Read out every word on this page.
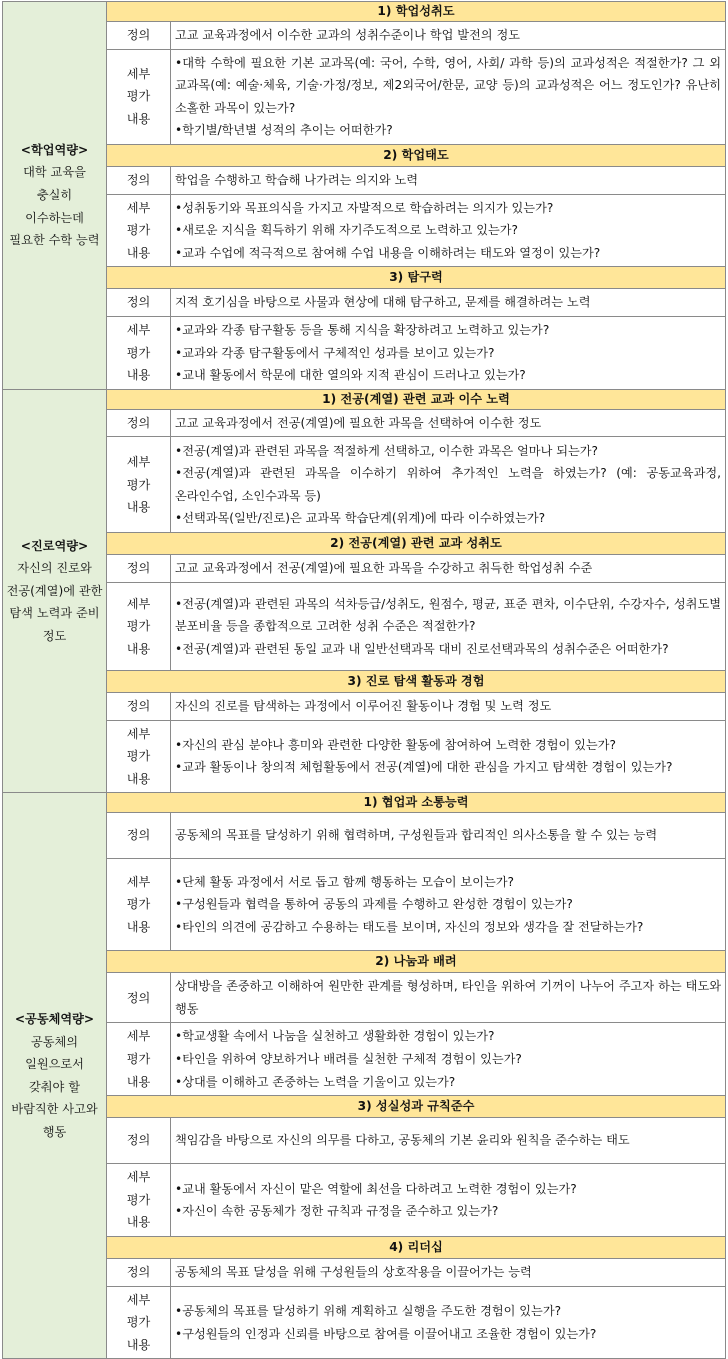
<학업역량>
대학 교육을 충실히 이수하는데 필요한 수학 능력	1) 학업성취도	
	정의	고교 교육과정에서 이수한 교과의 성취수준이나 학업 발전의 정도

	세부
평가
내용	•대학 수학에 필요한 기본 교과목(예: 국어, 수학, 영어, 사회/ 과학 등)의 교과성적은 적절한가? 그 외 교과목(예: 예술·체육, 기술·가정/정보, 제2외국어/한문, 교양 등)의 교과성적은 어느 정도인가? 유난히 소홀한 과목이 있는가?
•학기별/학년별 성적의 추이는 어떠한가?

	2) 학업태도	
	정의	학업을 수행하고 학습해 나가려는 의지와 노력

	세부
평가
내용	•성취동기와 목표의식을 가지고 자발적으로 학습하려는 의지가 있는가?
•새로운 지식을 획득하기 위해 자기주도적으로 노력하고 있는가?
•교과 수업에 적극적으로 참여해 수업 내용을 이해하려는 태도와 열정이 있는가?

	3) 탐구력	
	정의	지적 호기심을 바탕으로 사물과 현상에 대해 탐구하고, 문제를 해결하려는 노력

	세부
평가
내용	•교과와 각종 탐구활동 등을 통해 지식을 확장하려고 노력하고 있는가?
•교과와 각종 탐구활동에서 구체적인 성과를 보이고 있는가?
•교내 활동에서 학문에 대한 열의와 지적 관심이 드러나고 있는가?

<진로역량>
자신의 진로와 전공(계열)에 관한 탐색 노력과 준비 정도	1) 전공(계열) 관련 교과 이수 노력	
	정의	고교 교육과정에서 전공(계열)에 필요한 과목을 선택하여 이수한 정도

	세부
평가
내용	•전공(계열)과 관련된 과목을 적절하게 선택하고, 이수한 과목은 얼마나 되는가?
•전공(계열)과 관련된 과목을 이수하기 위하여 추가적인 노력을 하였는가? (예: 공동교육과정, 온라인수업, 소인수과목 등)
•선택과목(일반/진로)은 교과목 학습단계(위계)에 따라 이수하였는가?

	2) 전공(계열) 관련 교과 성취도	
	정의	고교 교육과정에서 전공(계열)에 필요한 과목을 수강하고 취득한 학업성취 수준

	세부
평가
내용	•전공(계열)과 관련된 과목의 석차등급/성취도, 원점수, 평균, 표준 편차, 이수단위, 수강자수, 성취도별 분포비율 등을 종합적으로 고려한 성취 수준은 적절한가?
•전공(계열)과 관련된 동일 교과 내 일반선택과목 대비 진로선택과목의 성취수준은 어떠한가?

	3) 진로 탐색 활동과 경험	
	정의	자신의 진로를 탐색하는 과정에서 이루어진 활동이나 경험 및 노력 정도

	세부
평가
내용	•자신의 관심 분야나 흥미와 관련한 다양한 활동에 참여하여 노력한 경험이 있는가?
•교과 활동이나 창의적 체험활동에서 전공(계열)에 대한 관심을 가지고 탐색한 경험이 있는가?

<공동체역량>
공동체의 일원으로서 갖춰야 할 바람직한 사고와 행동	1) 협업과 소통능력	
	정의	공동체의 목표를 달성하기 위해 협력하며, 구성원들과 합리적인 의사소통을 할 수 있는 능력

	세부
평가
내용	•단체 활동 과정에서 서로 돕고 함께 행동하는 모습이 보이는가?
•구성원들과 협력을 통하여 공동의 과제를 수행하고 완성한 경험이 있는가?
•타인의 의견에 공감하고 수용하는 태도를 보이며, 자신의 정보와 생각을 잘 전달하는가?

	2) 나눔과 배려	
	정의	상대방을 존중하고 이해하여 원만한 관계를 형성하며, 타인을 위하여 기꺼이 나누어 주고자 하는 태도와 행동

	세부
평가
내용	•학교생활 속에서 나눔을 실천하고 생활화한 경험이 있는가?
•타인을 위하여 양보하거나 배려를 실천한 구체적 경험이 있는가?
•상대를 이해하고 존중하는 노력을 기울이고 있는가?

	3) 성실성과 규칙준수	
	정의	책임감을 바탕으로 자신의 의무를 다하고, 공동체의 기본 윤리와 원칙을 준수하는 태도

	세부
평가
내용	•교내 활동에서 자신이 맡은 역할에 최선을 다하려고 노력한 경험이 있는가?
•자신이 속한 공동체가 정한 규칙과 규정을 준수하고 있는가?

	4) 리더십	
	정의	공동체의 목표 달성을 위해 구성원들의 상호작용을 이끌어가는 능력

	세부
평가
내용	•공동체의 목표를 달성하기 위해 계획하고 실행을 주도한 경험이 있는가?
•구성원들의 인정과 신뢰를 바탕으로 참여를 이끌어내고 조율한 경험이 있는가?
